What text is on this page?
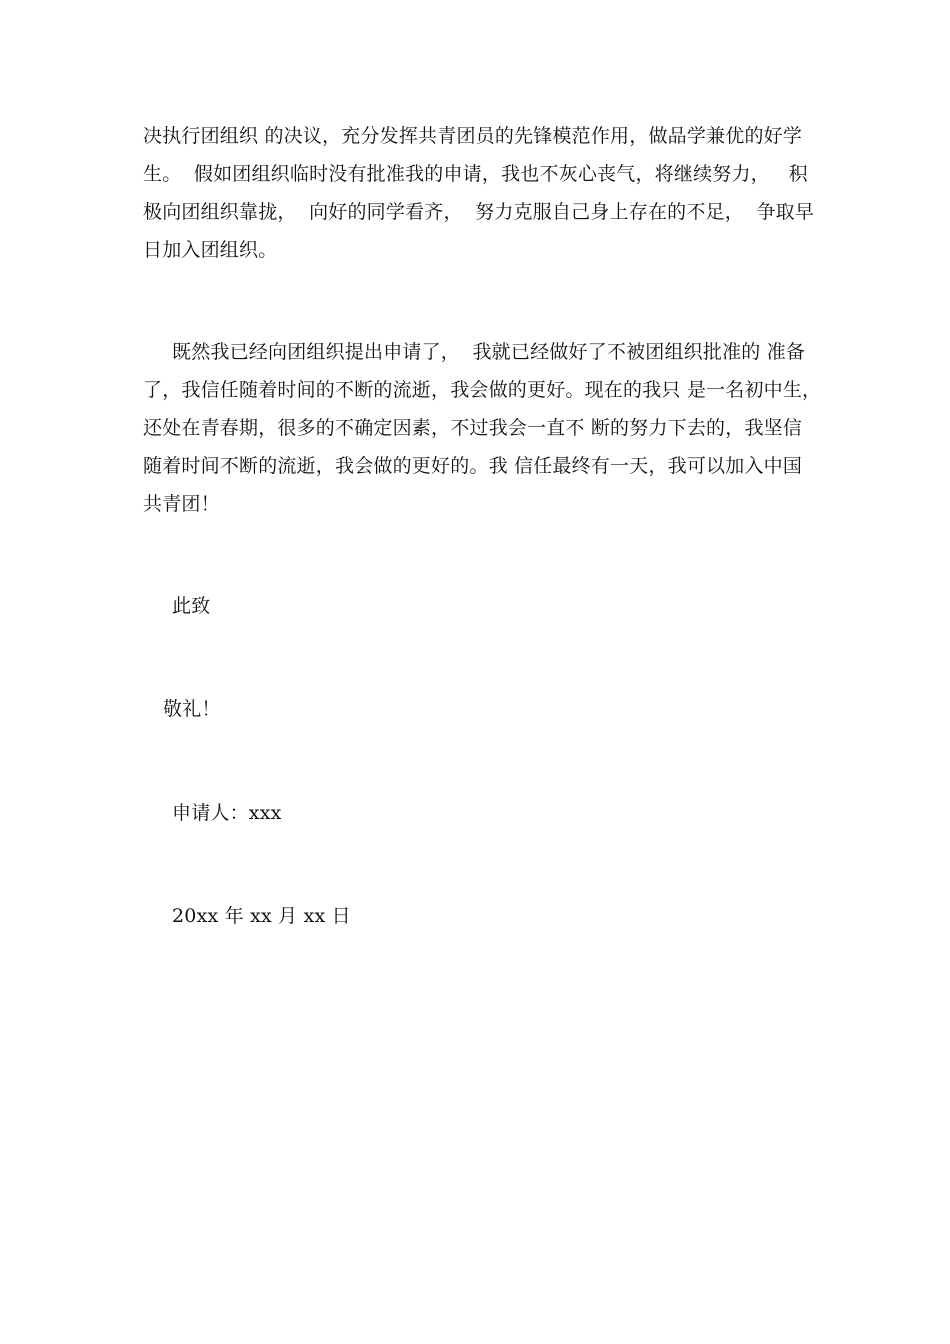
决执行团组织 的决议，充分发挥共青团员的先锋模范作用，做品学兼优的好学
生。  假如团组织临时没有批准我的申请，我也不灰心丧气，将继续努力，   积
极向团组织靠拢，  向好的同学看齐，  努力克服自己身上存在的不足，  争取早
日加入团组织。
既然我已经向团组织提出申请了，  我就已经做好了不被团组织批准的 准备
了，我信任随着时间的不断的流逝，我会做的更好。现在的我只 是一名初中生，
还处在青春期，很多的不确定因素，不过我会一直不 断的努力下去的，我坚信
随着时间不断的流逝，我会做的更好的。我 信任最终有一天，我可以加入中国
共青团！
此致
敬礼！
申请人：xxx
20xx 年 xx 月 xx 日
